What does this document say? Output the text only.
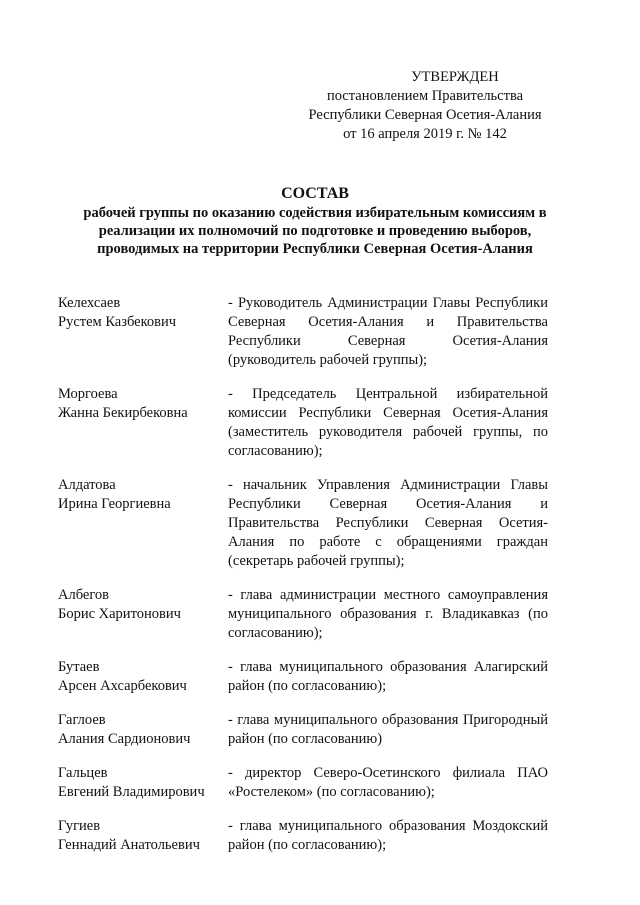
УТВЕРЖДЕН
постановлением Правительства
Республики Северная Осетия-Алания
от 16 апреля 2019 г. № 142
СОСТАВ
рабочей группы по оказанию содействия избирательным комиссиям в
реализации их полномочий по подготовке и проведению выборов,
проводимых на территории Республики Северная Осетия-Алания
Келехсаев
Рустем Казбекович
- Руководитель Администрации Главы Республики Северная Осетия-Алания и Правительства Республики Северная Осетия-Алания (руководитель рабочей группы);
Моргоева
Жанна Бекирбековна
- Председатель Центральной избирательной комиссии Республики Северная Осетия-Алания (заместитель руководителя рабочей группы, по согласованию);
Алдатова
Ирина Георгиевна
- начальник Управления Администрации Главы Республики Северная Осетия-Алания и Правительства Республики Северная Осетия-Алания по работе с обращениями граждан (секретарь рабочей группы);
Албегов
Борис Харитонович
- глава администрации местного самоуправления муниципального образования г. Владикавказ (по согласованию);
Бутаев
Арсен Ахсарбекович
- глава муниципального образования Алагирский район (по согласованию);
Гаглоев
Алания Сардионович
- глава муниципального образования Пригородный район (по согласованию)
Гальцев
Евгений Владимирович
- директор Северо-Осетинского филиала ПАО «Ростелеком» (по согласованию);
Гугиев
Геннадий Анатольевич
- глава муниципального образования Моздокский район (по согласованию);
